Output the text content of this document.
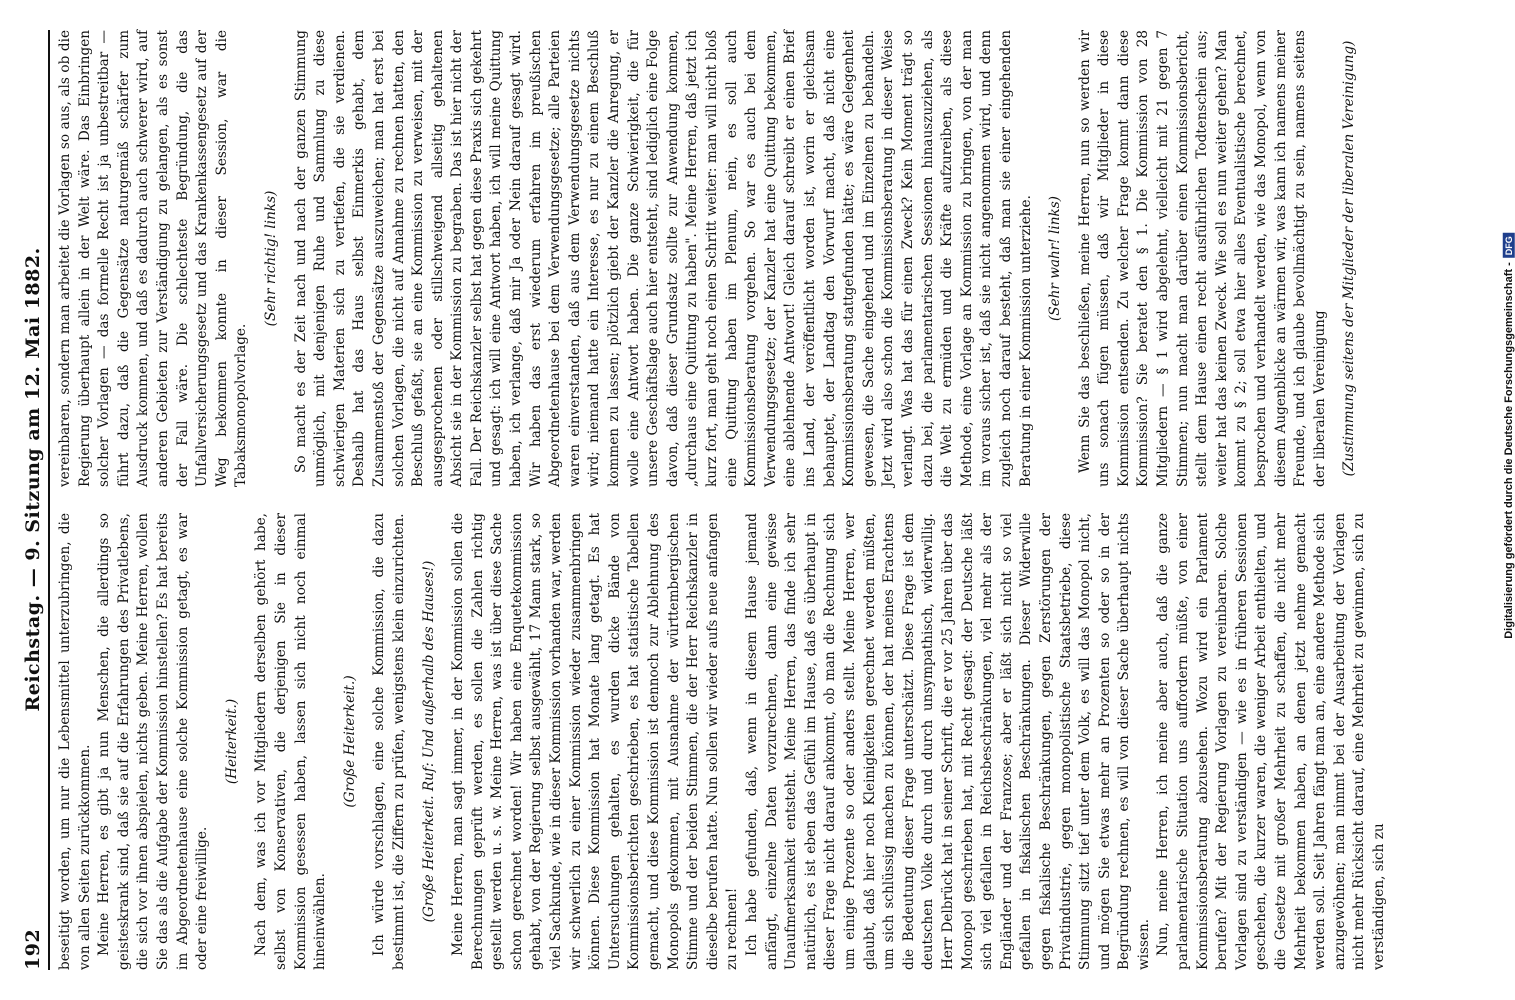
192
Reichstag. — 9. Sitzung am 12. Mai 1882.

beseitigt worden, um nur die Lebensmittel unterzubringen, die von allen Seiten zurückkommen. Meine Herren, es gibt ja nun Menschen, die allerdings so geisteskrank sind, daß sie auf die Erfahrungen des Privatlebens, die sich vor ihnen abspielen, nichts geben. Meine Herren, wollen Sie das als die Aufgabe der Kommission hinstellen? Es hat bereits im Abgeordnetenhause eine solche Kommission getagt, es war oder eine freiwillige.

(Heiterkeit.) Nach dem, was ich vor Mitgliedern derselben gehört habe, selbst von Konservativen, die derjenigen Sie in dieser Kommission gesessen haben, lassen sich nicht noch einmal hineinwählen.

(Große Heiterkeit.) Ich würde vorschlagen, eine solche Kommission, die dazu bestimmt ist, die Ziffern zu prüfen, wenigstens klein einzurichten. (Große Heiterkeit. Ruf: Und außerhalb des Hauses!) Meine Herren, man sagt immer, in der Kommission sollen die Berechnungen geprüft werden, es sollen die Zahlen richtig gestellt werden u. s. w. Meine Herren, was ist über diese Sache schon gerechnet worden! Wir haben eine Enquetekommission gehabt, von der Regierung selbst ausgewählt, 17 Mann stark, so viel Sachkunde, wie in dieser Kommission vorhanden war, werden wir schwerlich zu einer Kommission wieder zusammenbringen können. Diese Kommission hat Monate lang getagt. Es hat Untersuchungen gehalten, es wurden dicke Bände von Kommissionsberichten geschrieben, es hat statistische Tabellen gemacht, und diese Kommission ist dennoch zur Ablehnung des Monopols gekommen, mit Ausnahme der württembergischen Stimme und der beiden Stimmen, die der Herr Reichskanzler in dieselbe berufen hatte. Nun sollen wir wieder aufs neue anfangen zu rechnen! Ich habe gefunden, daß, wenn in diesem Hause jemand anfängt, einzelne Daten vorzurechnen, dann eine gewisse Unaufmerksamkeit entsteht. Meine Herren, das finde ich sehr natürlich, es ist eben das Gefühl im Hause, daß es überhaupt in dieser Frage nicht darauf ankommt, ob man die Rechnung sich um einige Prozente so oder anders stellt. Meine Herren, wer glaubt, daß hier noch Kleinigkeiten gerechnet werden müßten, um sich schlüssig machen zu können, der hat meines Erachtens die Bedeutung dieser Frage unterschätzt. Diese Frage ist dem deutschen Volke durch und durch unsympathisch, widerwillig. Herr Delbrück hat in seiner Schrift, die er vor 25 Jahren über das Monopol geschrieben hat, mit Recht gesagt: der Deutsche läßt sich viel gefallen in Reichsbeschränkungen, viel mehr als der Engländer und der Franzose; aber er läßt sich nicht so viel gefallen in fiskalischen Beschränkungen. Dieser Widerwille gegen fiskalische Beschränkungen, gegen Zerstörungen der Privatindustrie, gegen monopolistische Staatsbetriebe, diese Stimmung sitzt tief unter dem Volk, es will das Monopol nicht, und mögen Sie etwas mehr an Prozenten so oder so in der Begründung rechnen, es will von dieser Sache überhaupt nichts wissen. Nun, meine Herren, ich meine aber auch, daß die ganze parlamentarische Situation uns auffordern müßte, von einer Kommissionsberatung abzusehen. Wozu wird ein Parlament berufen? Mit der Regierung Vorlagen zu vereinbaren. Solche Vorlagen sind zu verständigen — wie es in früheren Sessionen geschehen, die kurzer waren, die weniger Arbeit enthielten, und die Gesetze mit großer Mehrheit zu schaffen, die nicht mehr Mehrheit bekommen haben, an denen jetzt nehme gemacht werden soll. Seit Jahren fängt man an, eine andere Methode sich anzugewöhnen; man nimmt bei der Ausarbeitung der Vorlagen nicht mehr Rücksicht darauf, eine Mehrheit zu gewinnen, sich zu verständigen, sich zu

vereinbaren, sondern man arbeitet die Vorlagen so aus, als ob die Regierung überhaupt allein in der Welt wäre. Das Einbringen solcher Vorlagen — das formelle Recht ist ja unbestreitbar — führt dazu, daß die Gegensätze naturgemäß schärfer zum Ausdruck kommen, und daß es dadurch auch schwerer wird, auf anderen Gebieten zur Verständigung zu gelangen, als es sonst der Fall wäre. Die schlechteste Begründung, die das Unfallversicherungsgesetz und das Krankenkassengesetz auf der Weg bekommen konnte in dieser Session, war die Tabaksmonopolvorlage.

(Sehr richtig! links) So macht es der Zeit nach und nach der ganzen Stimmung unmöglich, mit denjenigen Ruhe und Sammlung zu diese schwierigen Materien sich zu vertiefen, die sie verdienen. Deshalb hat das Haus selbst Einmerkis gehabt, dem Zusammenstoß der Gegensätze auszuweichen; man hat erst bei solchen Vorlagen, die nicht auf Annahme zu rechnen hatten, den Beschluß gefaßt, sie an eine Kommission zu verweisen, mit der ausgesprochenen oder stillschweigend allseitig gehaltenen Absicht sie in der Kommission zu begraben. Das ist hier nicht der Fall. Der Reichskanzler selbst hat gegen diese Praxis sich gekehrt und gesagt: ich will eine Antwort haben, ich will meine Quittung haben, ich verlange, daß mir Ja oder Nein darauf gesagt wird. Wir haben das erst wiederum erfahren im preußischen Abgeordnetenhause bei dem Verwendungsgesetze; alle Parteien waren einverstanden, daß aus dem Verwendungsgesetze nichts wird; niemand hatte ein Interesse, es nur zu einem Beschluß kommen zu lassen; plötzlich giebt der Kanzler die Anregung, er wolle eine Antwort haben. Die ganze Schwierigkeit, die für unsere Geschäftslage auch hier entsteht, sind lediglich eine Folge davon, daß dieser Grundsatz sollte zur Anwendung kommen, „durchaus eine Quittung zu haben". Meine Herren, daß jetzt ich kurz fort, man geht noch einen Schritt weiter: man will nicht bloß eine Quittung haben im Plenum, nein, es soll auch Kommissionsberatung vorgehen. So war es auch bei dem Verwendungsgesetze; der Kanzler hat eine Quittung bekommen, eine ablehnende Antwort! Gleich darauf schreibt er einen Brief ins Land, der veröffentlicht worden ist, worin er gleichsam behauptet, der Landtag den Vorwurf macht, daß nicht eine Kommissionsberatung stattgefunden hätte; es wäre Gelegenheit gewesen, die Sache eingehend und im Einzelnen zu behandeln. Jetzt wird also schon die Kommissionsberatung in dieser Weise verlangt. Was hat das für einen Zweck? Kein Moment trägt so dazu bei, die parlamentarischen Sessionen hinauszuziehen, als die Welt zu ermüden und die Kräfte aufzureiben, als diese Methode, eine Vorlage an Kommission zu bringen, von der man im voraus sicher ist, daß sie nicht angenommen wird, und denn zugleich noch darauf besteht, daß man sie einer eingehenden Beratung in einer Kommission unterziehe. (Sehr wahr! links) Wenn Sie das beschließen, meine Herren, nun so werden wir uns sonach fügen müssen, daß wir Mitglieder in diese Kommission entsenden. Zu welcher Frage kommt dann diese Kommission? Sie beratet den § 1. Die Kommission von 28 Mitgliedern — § 1 wird abgelehnt, vielleicht mit 21 gegen 7 Stimmen; nun macht man darüber einen Kommissionsbericht, stellt dem Hause einen recht ausführlichen Todtenschein aus; weiter hat das keinen Zweck. Wie soll es nun weiter gehen? Man kommt zu § 2; soll etwa hier alles Eventualistische berechnet, besprochen und verhandelt werden, wie das Monopol, wenn von diesem Augenblicke an wärmen wir, was kann ich namens meiner Freunde, und ich glaube bevollmächtigt zu sein, namens seitens der liberalen Vereinigung (Zustimmung seitens der Mitglieder der liberalen Vereinigung)	Digitalisierung gefördert durch die Deutsche Forschungsgemeinschaft -
DFG
